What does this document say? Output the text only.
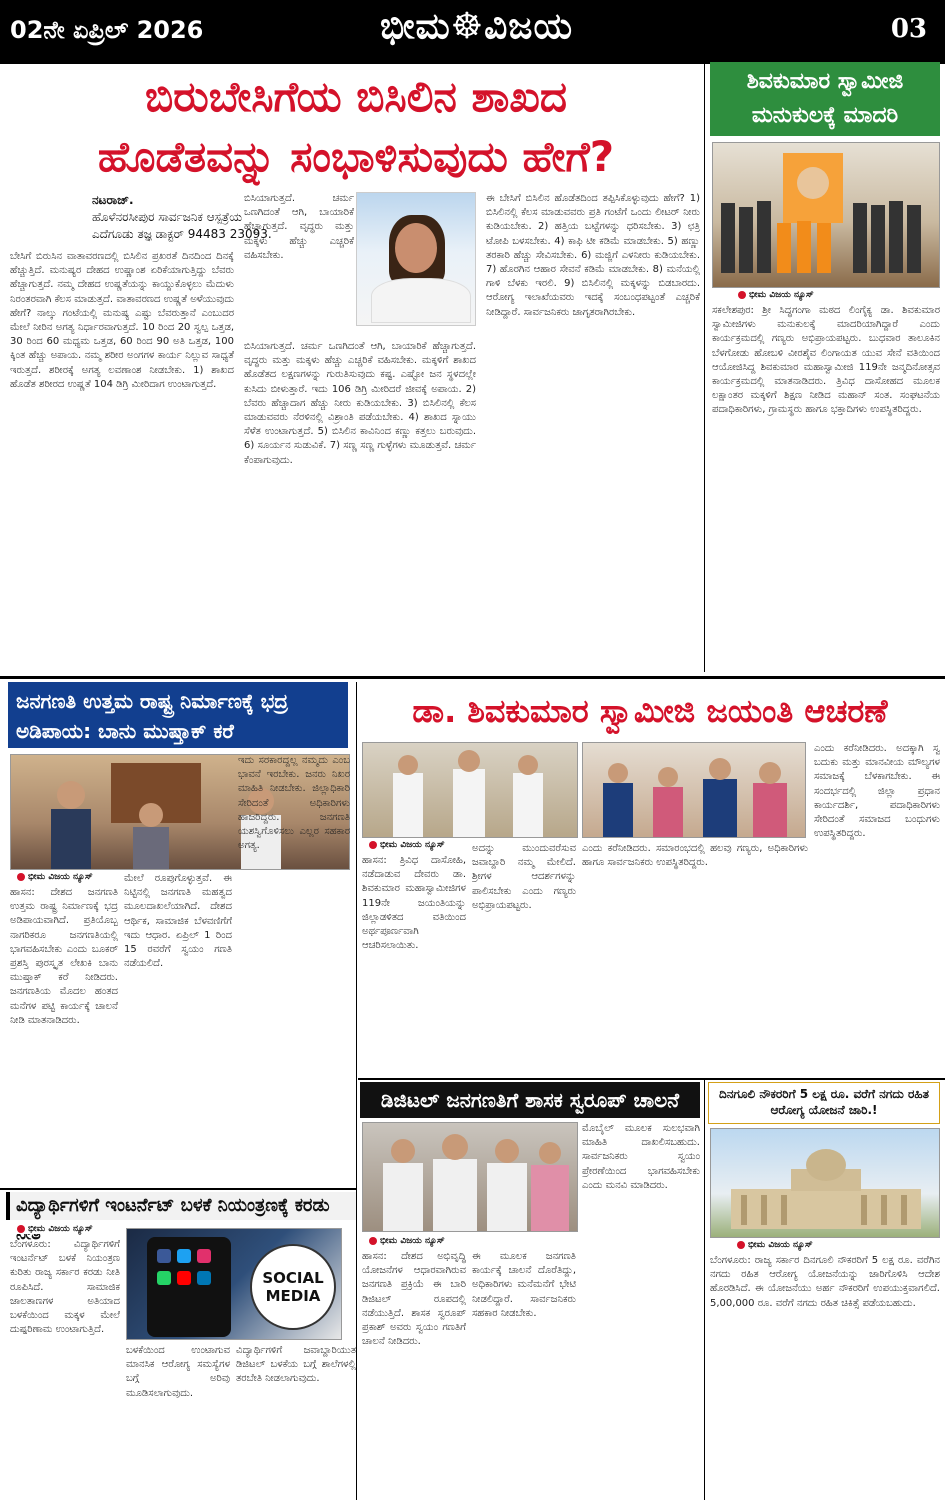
02ನೇ ಏಪ್ರಿಲ್ 2026	ಭೀಮ☸ವಿಜಯ	03
ಬಿರುಬೇಸಿಗೆಯ ಬಿಸಿಲಿನ ಶಾಖದ
ಹೊಡೆತವನ್ನು ಸಂಭಾಳಿಸುವುದು ಹೇಗೆ?
ನಟರಾಜ್.
ಹೊಳೆನರಸೀಪುರ ಸಾರ್ವಜನಿಕ ಆಸ್ಪತ್ರೆಯ
ಎದೆಗೂಡು ತಜ್ಞ ಡಾಕ್ಟರ್ 94483 23093.
ಬೇಸಿಗೆ ಬಿರುಸಿನ ವಾತಾವರಣದಲ್ಲಿ ಬಿಸಿಲಿನ ಪ್ರಖರತೆ ದಿನದಿಂದ ದಿನಕ್ಕೆ ಹೆಚ್ಚುತ್ತಿದೆ. ಮನುಷ್ಯರ ದೇಹದ ಉಷ್ಣಾಂಶ ಏರಿಕೆಯಾಗುತ್ತಿದ್ದು ಬೆವರು ಹೆಚ್ಚಾಗುತ್ತದೆ. ನಮ್ಮ ದೇಹದ ಉಷ್ಣತೆಯನ್ನು ಕಾಯ್ದುಕೊಳ್ಳಲು ಮೆದುಳು ನಿರಂತರವಾಗಿ ಕೆಲಸ ಮಾಡುತ್ತದೆ. ವಾತಾವರಣದ ಉಷ್ಣತೆ ಅಳೆಯುವುದು ಹೇಗೆ? ನಾಲ್ಕು ಗಂಟೆಯಲ್ಲಿ ಮನುಷ್ಯ ಎಷ್ಟು ಬೆವರುತ್ತಾನೆ ಎಂಬುದರ ಮೇಲೆ ನೀರಿನ ಅಗತ್ಯ ನಿರ್ಧಾರವಾಗುತ್ತದೆ. 10 ರಿಂದ 20 ಸ್ವಲ್ಪ ಒತ್ತಡ, 30 ರಿಂದ 60 ಮಧ್ಯಮ ಒತ್ತಡ, 60 ರಿಂದ 90 ಅತಿ ಒತ್ತಡ, 100 ಕ್ಕಿಂತ ಹೆಚ್ಚು ಅಪಾಯ. ನಮ್ಮ ಶರೀರ ಅಂಗಗಳ ಕಾರ್ಯ ನಿಲ್ಲುವ ಸಾಧ್ಯತೆ ಇರುತ್ತದೆ. ಶರೀರಕ್ಕೆ ಅಗತ್ಯ ಲವಣಾಂಶ ನೀಡಬೇಕು. 1) ಶಾಖದ ಹೊಡೆತ ಶರೀರದ ಉಷ್ಣತೆ 104 ಡಿಗ್ರಿ ಮೀರಿದಾಗ ಉಂಟಾಗುತ್ತದೆ.
ಬಿಸಿಯಾಗುತ್ತದೆ. ಚರ್ಮ ಒಣಗಿದಂತೆ ಆಗಿ, ಬಾಯಾರಿಕೆ ಹೆಚ್ಚಾಗುತ್ತದೆ. ವೃದ್ಧರು ಮತ್ತು ಮಕ್ಕಳು ಹೆಚ್ಚು ಎಚ್ಚರಿಕೆ ವಹಿಸಬೇಕು.
ಬಿಸಿಯಾಗುತ್ತದೆ. ಚರ್ಮ ಒಣಗಿದಂತೆ ಆಗಿ, ಬಾಯಾರಿಕೆ ಹೆಚ್ಚಾಗುತ್ತದೆ. ವೃದ್ಧರು ಮತ್ತು ಮಕ್ಕಳು ಹೆಚ್ಚು ಎಚ್ಚರಿಕೆ ವಹಿಸಬೇಕು. ಮಕ್ಕಳಿಗೆ ಶಾಖದ ಹೊಡೆತದ ಲಕ್ಷಣಗಳನ್ನು ಗುರುತಿಸುವುದು ಕಷ್ಟ. ಎಷ್ಟೋ ಜನ ಸ್ಥಳದಲ್ಲೇ ಕುಸಿದು ಬೀಳುತ್ತಾರೆ. ಇದು 106 ಡಿಗ್ರಿ ಮೀರಿದರೆ ಜೀವಕ್ಕೆ ಅಪಾಯ. 2) ಬೆವರು ಹೆಚ್ಚಾದಾಗ ಹೆಚ್ಚು ನೀರು ಕುಡಿಯಬೇಕು. 3) ಬಿಸಿಲಿನಲ್ಲಿ ಕೆಲಸ ಮಾಡುವವರು ನೆರಳಿನಲ್ಲಿ ವಿಶ್ರಾಂತಿ ಪಡೆಯಬೇಕು. 4) ಶಾಖದ ಸ್ನಾಯು ಸೆಳೆತ ಉಂಟಾಗುತ್ತದೆ. 5) ಬಿಸಿಲಿನ ಕಾವಿನಿಂದ ಕಣ್ಣು ಕತ್ತಲು ಬರುವುದು. 6) ಸೂರ್ಯನ ಸುಡುವಿಕೆ. 7) ಸಣ್ಣ ಸಣ್ಣ ಗುಳ್ಳೆಗಳು ಮೂಡುತ್ತವೆ. ಚರ್ಮ ಕೆಂಪಾಗುವುದು.
ಈ ಬೇಸಿಗೆ ಬಿಸಿಲಿನ ಹೊಡೆತದಿಂದ ತಪ್ಪಿಸಿಕೊಳ್ಳುವುದು ಹೇಗೆ? 1) ಬಿಸಿಲಿನಲ್ಲಿ ಕೆಲಸ ಮಾಡುವವರು ಪ್ರತಿ ಗಂಟೆಗೆ ಒಂದು ಲೀಟರ್ ನೀರು ಕುಡಿಯಬೇಕು. 2) ಹತ್ತಿಯ ಬಟ್ಟೆಗಳನ್ನು ಧರಿಸಬೇಕು. 3) ಛತ್ರಿ ಟೋಪಿ ಬಳಸಬೇಕು. 4) ಕಾಫಿ ಟೀ ಕಡಿಮೆ ಮಾಡಬೇಕು. 5) ಹಣ್ಣು ತರಕಾರಿ ಹೆಚ್ಚು ಸೇವಿಸಬೇಕು. 6) ಮಜ್ಜಿಗೆ ಎಳನೀರು ಕುಡಿಯಬೇಕು. 7) ಹೊರಗಿನ ಆಹಾರ ಸೇವನೆ ಕಡಿಮೆ ಮಾಡಬೇಕು. 8) ಮನೆಯಲ್ಲಿ ಗಾಳಿ ಬೆಳಕು ಇರಲಿ. 9) ಬಿಸಿಲಿನಲ್ಲಿ ಮಕ್ಕಳನ್ನು ಬಿಡಬಾರದು. ಆರೋಗ್ಯ ಇಲಾಖೆಯವರು ಇದಕ್ಕೆ ಸಂಬಂಧಪಟ್ಟಂತೆ ಎಚ್ಚರಿಕೆ ನೀಡಿದ್ದಾರೆ. ಸಾರ್ವಜನಿಕರು ಜಾಗೃತರಾಗಿರಬೇಕು.
ಶಿವಕುಮಾರ ಸ್ವಾಮೀಜಿ
ಮನುಕುಲಕ್ಕೆ ಮಾದರಿ
ಭೀಮ ವಿಜಯ ನ್ಯೂಸ್
ಸಕಲೇಶಪುರ: ಶ್ರೀ ಸಿದ್ಧಗಂಗಾ ಮಠದ ಲಿಂಗೈಕ್ಯ ಡಾ. ಶಿವಕುಮಾರ ಸ್ವಾಮೀಜಿಗಳು ಮನುಕುಲಕ್ಕೆ ಮಾದರಿಯಾಗಿದ್ದಾರೆ ಎಂದು ಕಾರ್ಯಕ್ರಮದಲ್ಲಿ ಗಣ್ಯರು ಅಭಿಪ್ರಾಯಪಟ್ಟರು. ಬುಧವಾರ ತಾಲೂಕಿನ ಬೆಳಗೋಡು ಹೋಬಳಿ ವೀರಶೈವ ಲಿಂಗಾಯತ ಯುವ ಸೇನೆ ವತಿಯಿಂದ ಆಯೋಜಿಸಿದ್ದ ಶಿವಕುಮಾರ ಮಹಾಸ್ವಾಮೀಜಿ 119ನೇ ಜನ್ಮದಿನೋತ್ಸವ ಕಾರ್ಯಕ್ರಮದಲ್ಲಿ ಮಾತನಾಡಿದರು. ತ್ರಿವಿಧ ದಾಸೋಹದ ಮೂಲಕ ಲಕ್ಷಾಂತರ ಮಕ್ಕಳಿಗೆ ಶಿಕ್ಷಣ ನೀಡಿದ ಮಹಾನ್ ಸಂತ. ಸಂಘಟನೆಯ ಪದಾಧಿಕಾರಿಗಳು, ಗ್ರಾಮಸ್ಥರು ಹಾಗೂ ಭಕ್ತಾದಿಗಳು ಉಪಸ್ಥಿತರಿದ್ದರು.
ಜನಗಣತಿ ಉತ್ತಮ ರಾಷ್ಟ್ರ ನಿರ್ಮಾಣಕ್ಕೆ ಭದ್ರ ಅಡಿಪಾಯ: ಬಾನು ಮುಷ್ತಾಕ್ ಕರೆ
ಭೀಮ ವಿಜಯ ನ್ಯೂಸ್
ಹಾಸನ: ದೇಶದ ಜನಗಣತಿ ಉತ್ತಮ ರಾಷ್ಟ್ರ ನಿರ್ಮಾಣಕ್ಕೆ ಭದ್ರ ಅಡಿಪಾಯವಾಗಿದೆ. ಪ್ರತಿಯೊಬ್ಬ ನಾಗರಿಕರೂ ಜನಗಣತಿಯಲ್ಲಿ ಭಾಗವಹಿಸಬೇಕು ಎಂದು ಬೂಕರ್ ಪ್ರಶಸ್ತಿ ಪುರಸ್ಕೃತ ಲೇಖಕಿ ಬಾನು ಮುಷ್ತಾಕ್ ಕರೆ ನೀಡಿದರು. ಜನಗಣತಿಯ ಮೊದಲ ಹಂತದ ಮನೆಗಳ ಪಟ್ಟಿ ಕಾರ್ಯಕ್ಕೆ ಚಾಲನೆ ನೀಡಿ ಮಾತನಾಡಿದರು.
ಮೇಲೆ ರೂಪುಗೊಳ್ಳುತ್ತವೆ. ಈ ನಿಟ್ಟಿನಲ್ಲಿ ಜನಗಣತಿ ಮಹತ್ವದ ಮೂಲದಾಖಲೆಯಾಗಿದೆ. ದೇಶದ ಆರ್ಥಿಕ, ಸಾಮಾಜಿಕ ಬೆಳವಣಿಗೆಗೆ ಇದು ಆಧಾರ. ಏಪ್ರಿಲ್ 1 ರಿಂದ 15 ರವರೆಗೆ ಸ್ವಯಂ ಗಣತಿ ನಡೆಯಲಿದೆ.
ಇದು ಸರಕಾರದ್ದಲ್ಲ ನಮ್ಮದು ಎಂಬ ಭಾವನೆ ಇರಬೇಕು. ಜನರು ನಿಖರ ಮಾಹಿತಿ ನೀಡಬೇಕು. ಜಿಲ್ಲಾಧಿಕಾರಿ ಸೇರಿದಂತೆ ಅಧಿಕಾರಿಗಳು ಹಾಜರಿದ್ದರು. ಜನಗಣತಿ ಯಶಸ್ವಿಗೊಳಿಸಲು ಎಲ್ಲರ ಸಹಕಾರ ಅಗತ್ಯ.
ಡಾ. ಶಿವಕುಮಾರ ಸ್ವಾಮೀಜಿ ಜಯಂತಿ ಆಚರಣೆ
ಭೀಮ ವಿಜಯ ನ್ಯೂಸ್
ಹಾಸನ: ತ್ರಿವಿಧ ದಾಸೋಹಿ, ನಡೆದಾಡುವ ದೇವರು ಡಾ. ಶಿವಕುಮಾರ ಮಹಾಸ್ವಾಮೀಜಿಗಳ 119ನೇ ಜಯಂತಿಯನ್ನು ಜಿಲ್ಲಾಡಳಿತದ ವತಿಯಿಂದ ಅರ್ಥಪೂರ್ಣವಾಗಿ ಆಚರಿಸಲಾಯಿತು.
ಅದನ್ನು ಮುಂದುವರೆಸುವ ಜವಾಬ್ದಾರಿ ನಮ್ಮ ಮೇಲಿದೆ. ಶ್ರೀಗಳ ಆದರ್ಶಗಳನ್ನು ಪಾಲಿಸಬೇಕು ಎಂದು ಗಣ್ಯರು ಅಭಿಪ್ರಾಯಪಟ್ಟರು.
ಎಂದು ಕರೆನೀಡಿದರು. ಸಮಾರಂಭದಲ್ಲಿ ಹಲವು ಗಣ್ಯರು, ಅಧಿಕಾರಿಗಳು ಹಾಗೂ ಸಾರ್ವಜನಿಕರು ಉಪಸ್ಥಿತರಿದ್ದರು.
ಎಂದು ಕರೆನೀಡಿದರು. ಅದಕ್ಕಾಗಿ ಸ್ವ ಬದುಕು ಮತ್ತು ಮಾನವೀಯ ಮೌಲ್ಯಗಳ ಸಮಾಜಕ್ಕೆ ಬೆಳಕಾಗಬೇಕು. ಈ ಸಂದರ್ಭದಲ್ಲಿ ಜಿಲ್ಲಾ ಪ್ರಧಾನ ಕಾರ್ಯದರ್ಶಿ, ಪದಾಧಿಕಾರಿಗಳು ಸೇರಿದಂತೆ ಸಮಾಜದ ಬಂಧುಗಳು ಉಪಸ್ಥಿತರಿದ್ದರು.
ಡಿಜಿಟಲ್ ಜನಗಣತಿಗೆ ಶಾಸಕ ಸ್ವರೂಪ್ ಚಾಲನೆ
ಭೀಮ ವಿಜಯ ನ್ಯೂಸ್
ಹಾಸನ: ದೇಶದ ಅಭಿವೃದ್ಧಿ ಯೋಜನೆಗಳ ಆಧಾರವಾಗಿರುವ ಜನಗಣತಿ ಪ್ರಕ್ರಿಯೆ ಈ ಬಾರಿ ಡಿಜಿಟಲ್ ರೂಪದಲ್ಲಿ ನಡೆಯುತ್ತಿದೆ. ಶಾಸಕ ಸ್ವರೂಪ್ ಪ್ರಕಾಶ್ ಅವರು ಸ್ವಯಂ ಗಣತಿಗೆ ಚಾಲನೆ ನೀಡಿದರು.
ಈ ಮೂಲಕ ಜನಗಣತಿ ಕಾರ್ಯಕ್ಕೆ ಚಾಲನೆ ದೊರೆತಿದ್ದು, ಅಧಿಕಾರಿಗಳು ಮನೆಮನೆಗೆ ಭೇಟಿ ನೀಡಲಿದ್ದಾರೆ. ಸಾರ್ವಜನಿಕರು ಸಹಕಾರ ನೀಡಬೇಕು.
ಮೊಬೈಲ್ ಮೂಲಕ ಸುಲಭವಾಗಿ ಮಾಹಿತಿ ದಾಖಲಿಸಬಹುದು. ಸಾರ್ವಜನಿಕರು ಸ್ವಯಂ ಪ್ರೇರಣೆಯಿಂದ ಭಾಗವಹಿಸಬೇಕು ಎಂದು ಮನವಿ ಮಾಡಿದರು.
ದಿನಗೂಲಿ ನೌಕರರಿಗೆ 5 ಲಕ್ಷ ರೂ. ವರೆಗೆ ನಗದು ರಹಿತ ಆರೋಗ್ಯ ಯೋಜನೆ ಜಾರಿ.!
ಭೀಮ ವಿಜಯ ನ್ಯೂಸ್
ಬೆಂಗಳೂರು: ರಾಜ್ಯ ಸರ್ಕಾರ ದಿನಗೂಲಿ ನೌಕರರಿಗೆ 5 ಲಕ್ಷ ರೂ. ವರೆಗಿನ ನಗದು ರಹಿತ ಆರೋಗ್ಯ ಯೋಜನೆಯನ್ನು ಜಾರಿಗೊಳಿಸಿ ಆದೇಶ ಹೊರಡಿಸಿದೆ. ಈ ಯೋಜನೆಯು ಅರ್ಹ ನೌಕರರಿಗೆ ಉಪಯುಕ್ತವಾಗಲಿದೆ. 5,00,000 ರೂ. ವರೆಗೆ ನಗದು ರಹಿತ ಚಿಕಿತ್ಸೆ ಪಡೆಯಬಹುದು.
ವಿದ್ಯಾರ್ಥಿಗಳಿಗೆ ಇಂಟರ್ನೆಟ್ ಬಳಕೆ ನಿಯಂತ್ರಣಕ್ಕೆ ಕರಡು
ಭೀಮ ವಿಜಯ ನ್ಯೂಸ್
ಬೆಂಗಳೂರು: ವಿದ್ಯಾರ್ಥಿಗಳಿಗೆ ಇಂಟರ್ನೆಟ್ ಬಳಕೆ ನಿಯಂತ್ರಣ ಕುರಿತು ರಾಜ್ಯ ಸರ್ಕಾರ ಕರಡು ನೀತಿ ರೂಪಿಸಿದೆ. ಸಾಮಾಜಿಕ ಜಾಲತಾಣಗಳ ಅತಿಯಾದ ಬಳಕೆಯಿಂದ ಮಕ್ಕಳ ಮೇಲೆ ದುಷ್ಪರಿಣಾಮ ಉಂಟಾಗುತ್ತಿದೆ.
SOCIAL
MEDIA
ಬಳಕೆಯಿಂದ ಉಂಟಾಗುವ ಮಾನಸಿಕ ಆರೋಗ್ಯ ಸಮಸ್ಯೆಗಳ ಬಗ್ಗೆ ಅರಿವು ಮೂಡಿಸಲಾಗುವುದು.
ವಿದ್ಯಾರ್ಥಿಗಳಿಗೆ ಜವಾಬ್ದಾರಿಯುತ ಡಿಜಿಟಲ್ ಬಳಕೆಯ ಬಗ್ಗೆ ಶಾಲೆಗಳಲ್ಲಿ ತರಬೇತಿ ನೀಡಲಾಗುವುದು.
